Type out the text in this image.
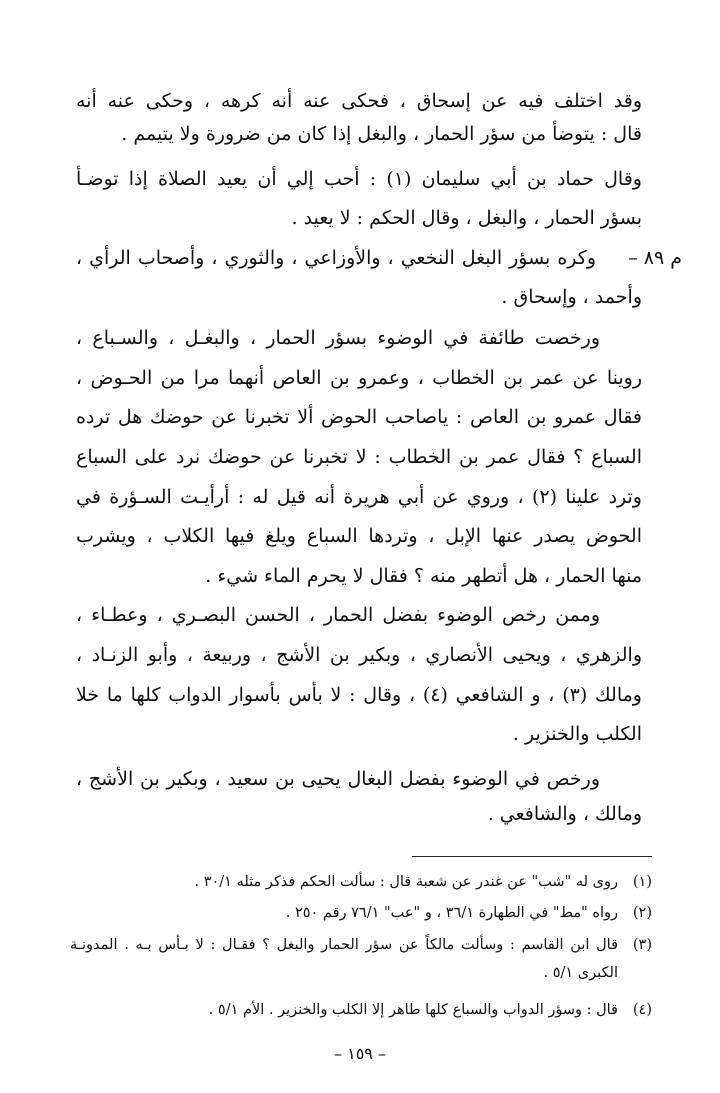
وقد اختلف فيه عن إسحاق ، فحكى عنه أنه كرهه ، وحكى عنه أنه
قال : يتوضأ من سؤر الحمار ، والبغل إذا كان من ضرورة ولا يتيمم .
وقال حماد بن أبي سليمان (١) : أحب إلي أن يعيد الصلاة إذا توضـأ
بسؤر الحمار ، والبغل ، وقال الحكم : لا يعيد .
م ٨٩ –
وكره بسؤر البغل النخعي ، والأوزاعي ، والثوري ، وأصحاب الرأي ،
وأحمد ، وإسحاق .
ورخصت طائفة في الوضوء بسؤر الحمار ، والبغـل ، والسـباع ،
روينا عن عمر بن الخطاب ، وعمرو بن العاص أنهما مرا من الحـوض ،
فقال عمرو بن العاص : ياصاحب الحوض ألا تخبرنا عن حوضك هل ترده
السباع ؟ فقال عمر بن الخطاب : لا تخبرنا عن حوضك نرد على السباع
وترد علينا (٢) ، وروي عن أبي هريرة أنه قيل له : أرأيـت السـؤرة في
الحوض يصدر عنها الإبل ، وتردها السباع ويلغ فيها الكلاب ، ويشرب
منها الحمار ، هل أتطهر منه ؟ فقال لا يحرم الماء شيء .
وممن رخص الوضوء بفضل الحمار ، الحسن البصـري ، وعطـاء ،
والزهري ، ويحيى الأنصاري ، وبكير بن الأشج ، وربيعة ، وأبو الزنـاد ،
ومالك (٣) ، و الشافعي (٤) ، وقال : لا بأس بأسوار الدواب كلها ما خلا
الكلب والخنزير .
ورخص في الوضوء بفضل البغال يحيى بن سعيد ، وبكير بن الأشج ،
ومالك ، والشافعي .
(١)روى له "شب" عن غندر عن شعبة قال : سألت الحكم فذكر مثله ٣٠/١ .
(٢)رواه "مط" في الطهارة ٣٦/١ ، و "عب" ٧٦/١ رقم ٢٥٠ .
(٣)قال ابن القاسم : وسألت مالكاً عن سؤر الحمار والبغل ؟ فقـال : لا بـأس بـه . المدونـة
الكبرى ٥/١ .
(٤)قال : وسؤر الدواب والسباع كلها طاهر إلا الكلب والخنزير . الأم ٥/١ .
– ١٥٩ –
